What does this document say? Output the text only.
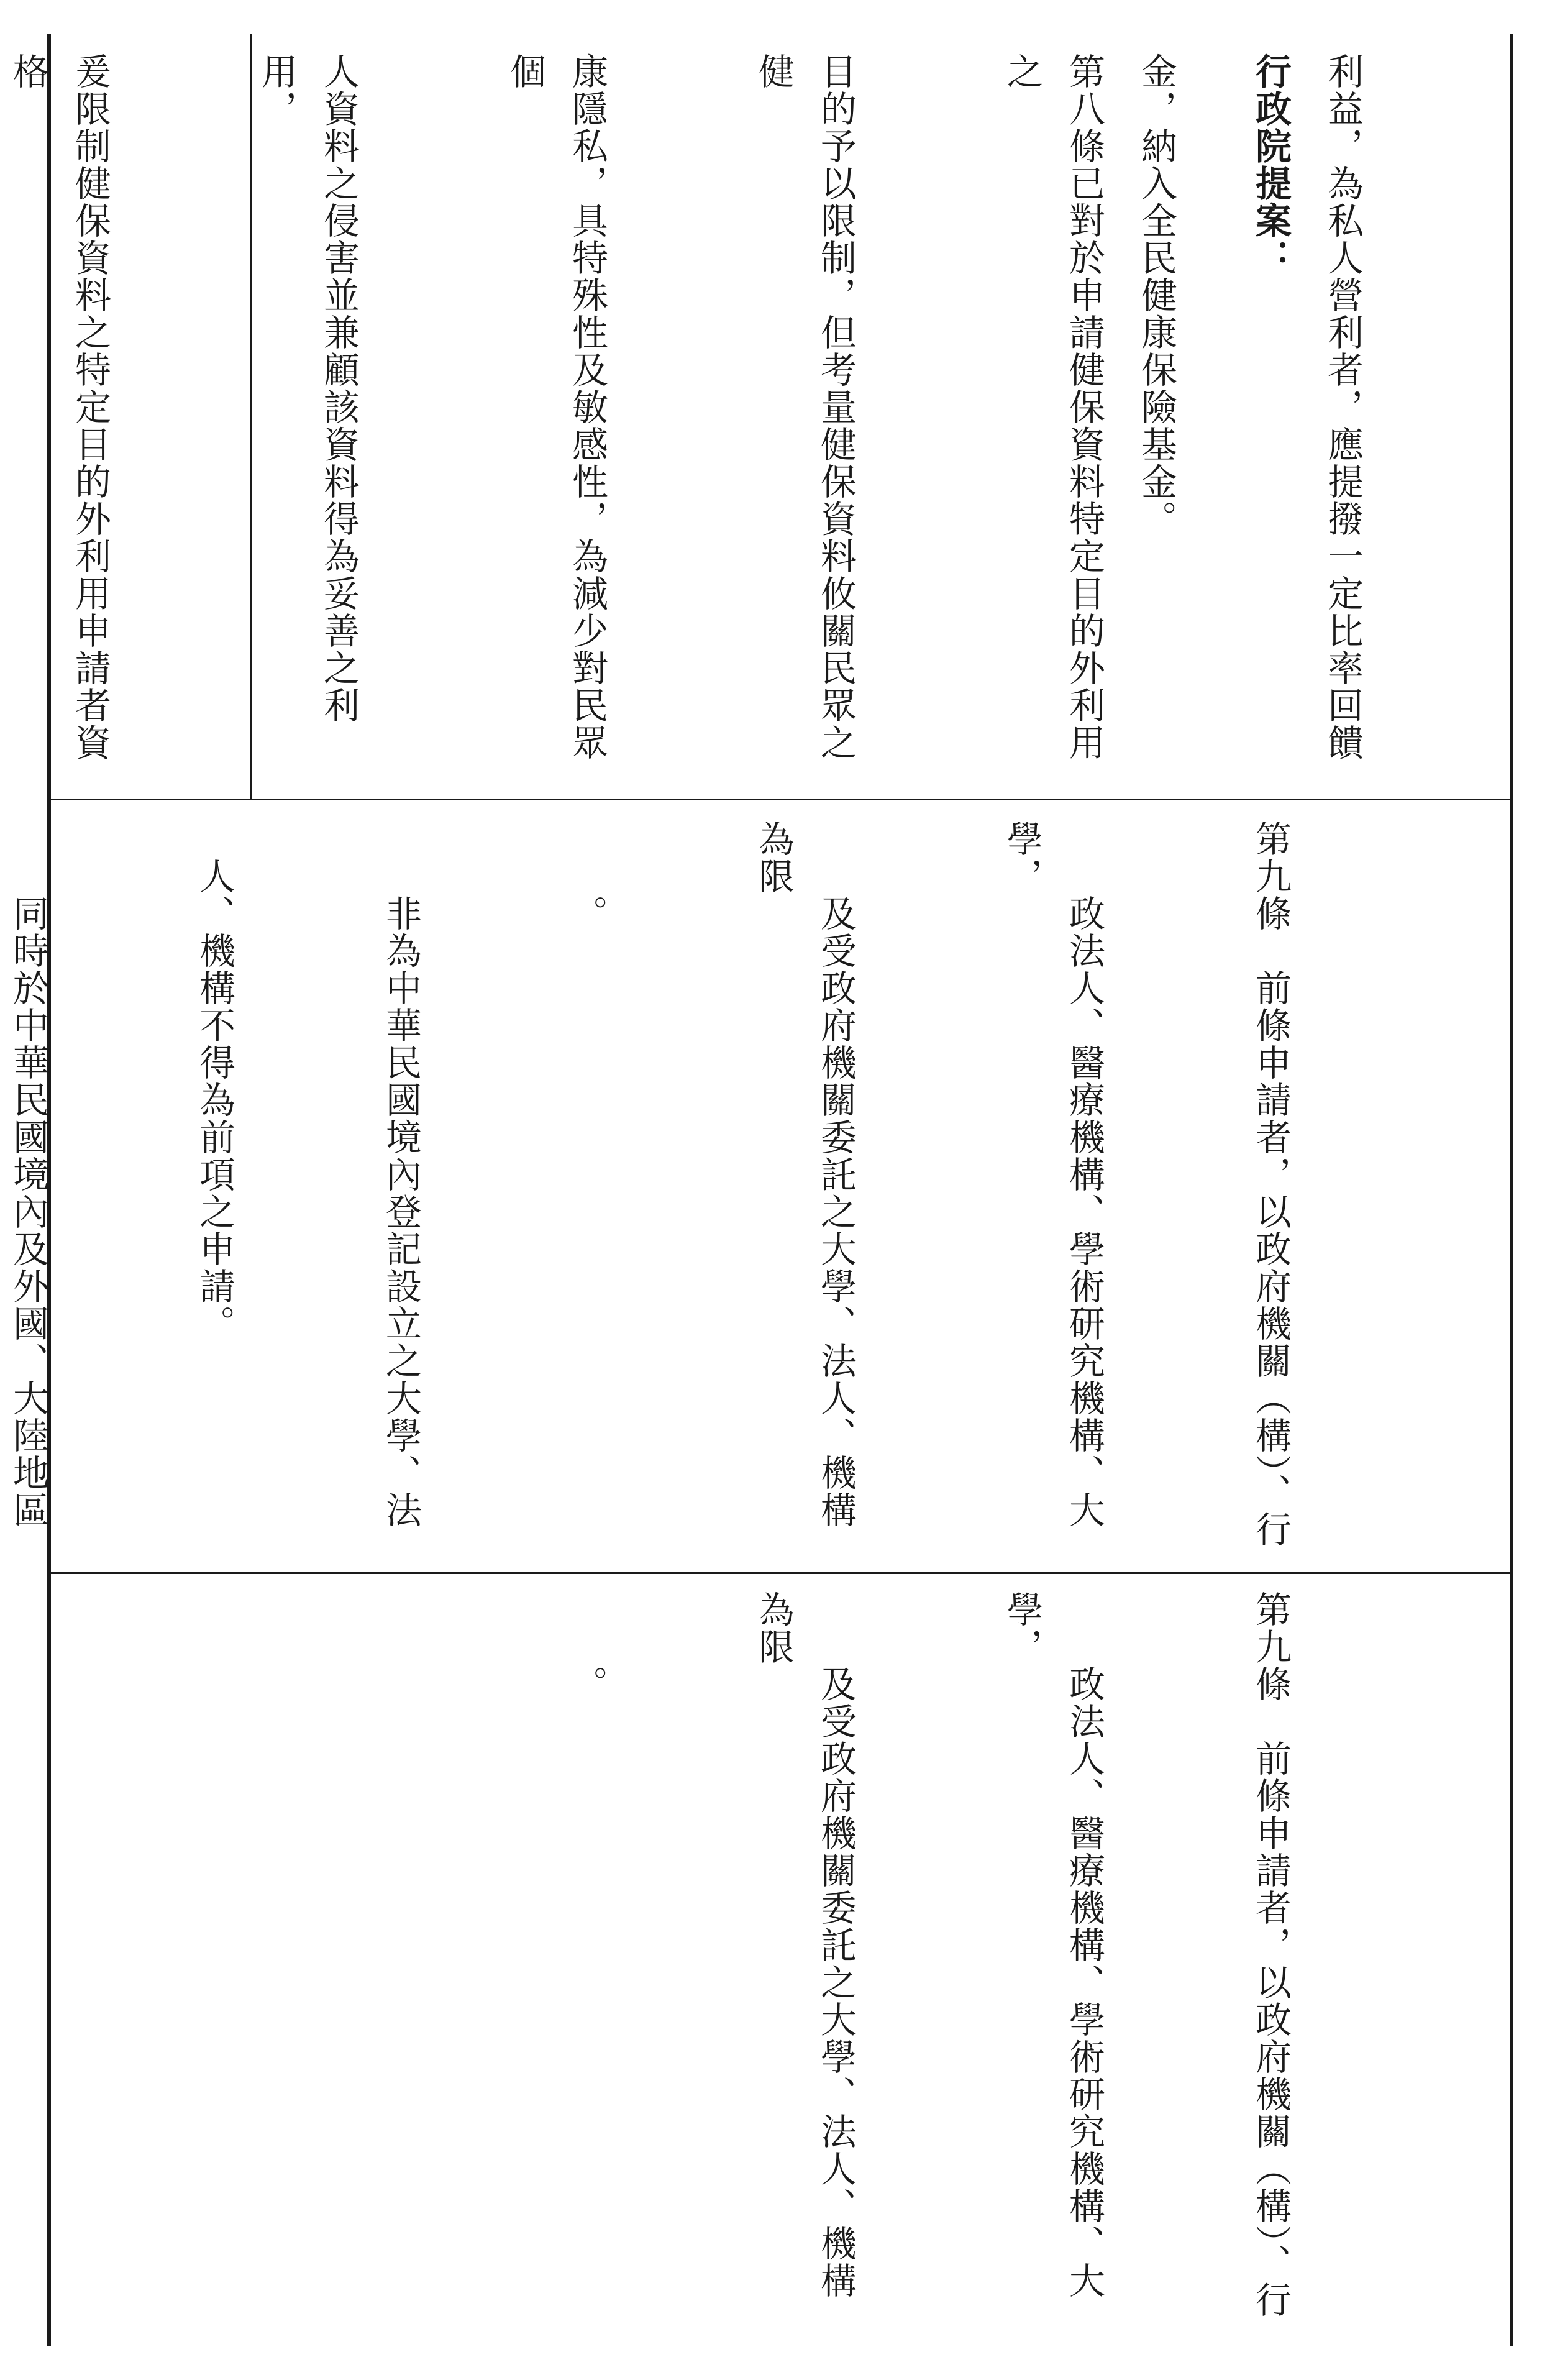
利益，為私人營利者，應提撥一定比率回饋

金，納入全民健康保險基金。

行政院提案：

第八條已對於申請健保資料特定目的外利用之

目的予以限制，但考量健保資料攸關民眾之健

康隱私，具特殊性及敏感性，為減少對民眾個

人資料之侵害並兼顧該資料得為妥善之利用，

爰限制健保資料之特定目的外利用申請者資格

第九條　前條申請者，以政府機關（構）、行

　　政法人、醫療機構、學術研究機構、大學，

　　及受政府機關委託之大學、法人、機構為限

　　。

　　非為中華民國境內登記設立之大學、法

　人、機構不得為前項之申請。

　　同時於中華民國境內及外國、大陸地區

第九條　前條申請者，以政府機關（構）、行

　　政法人、醫療機構、學術研究機構、大學，

　　及受政府機關委託之大學、法人、機構為限

　　。
